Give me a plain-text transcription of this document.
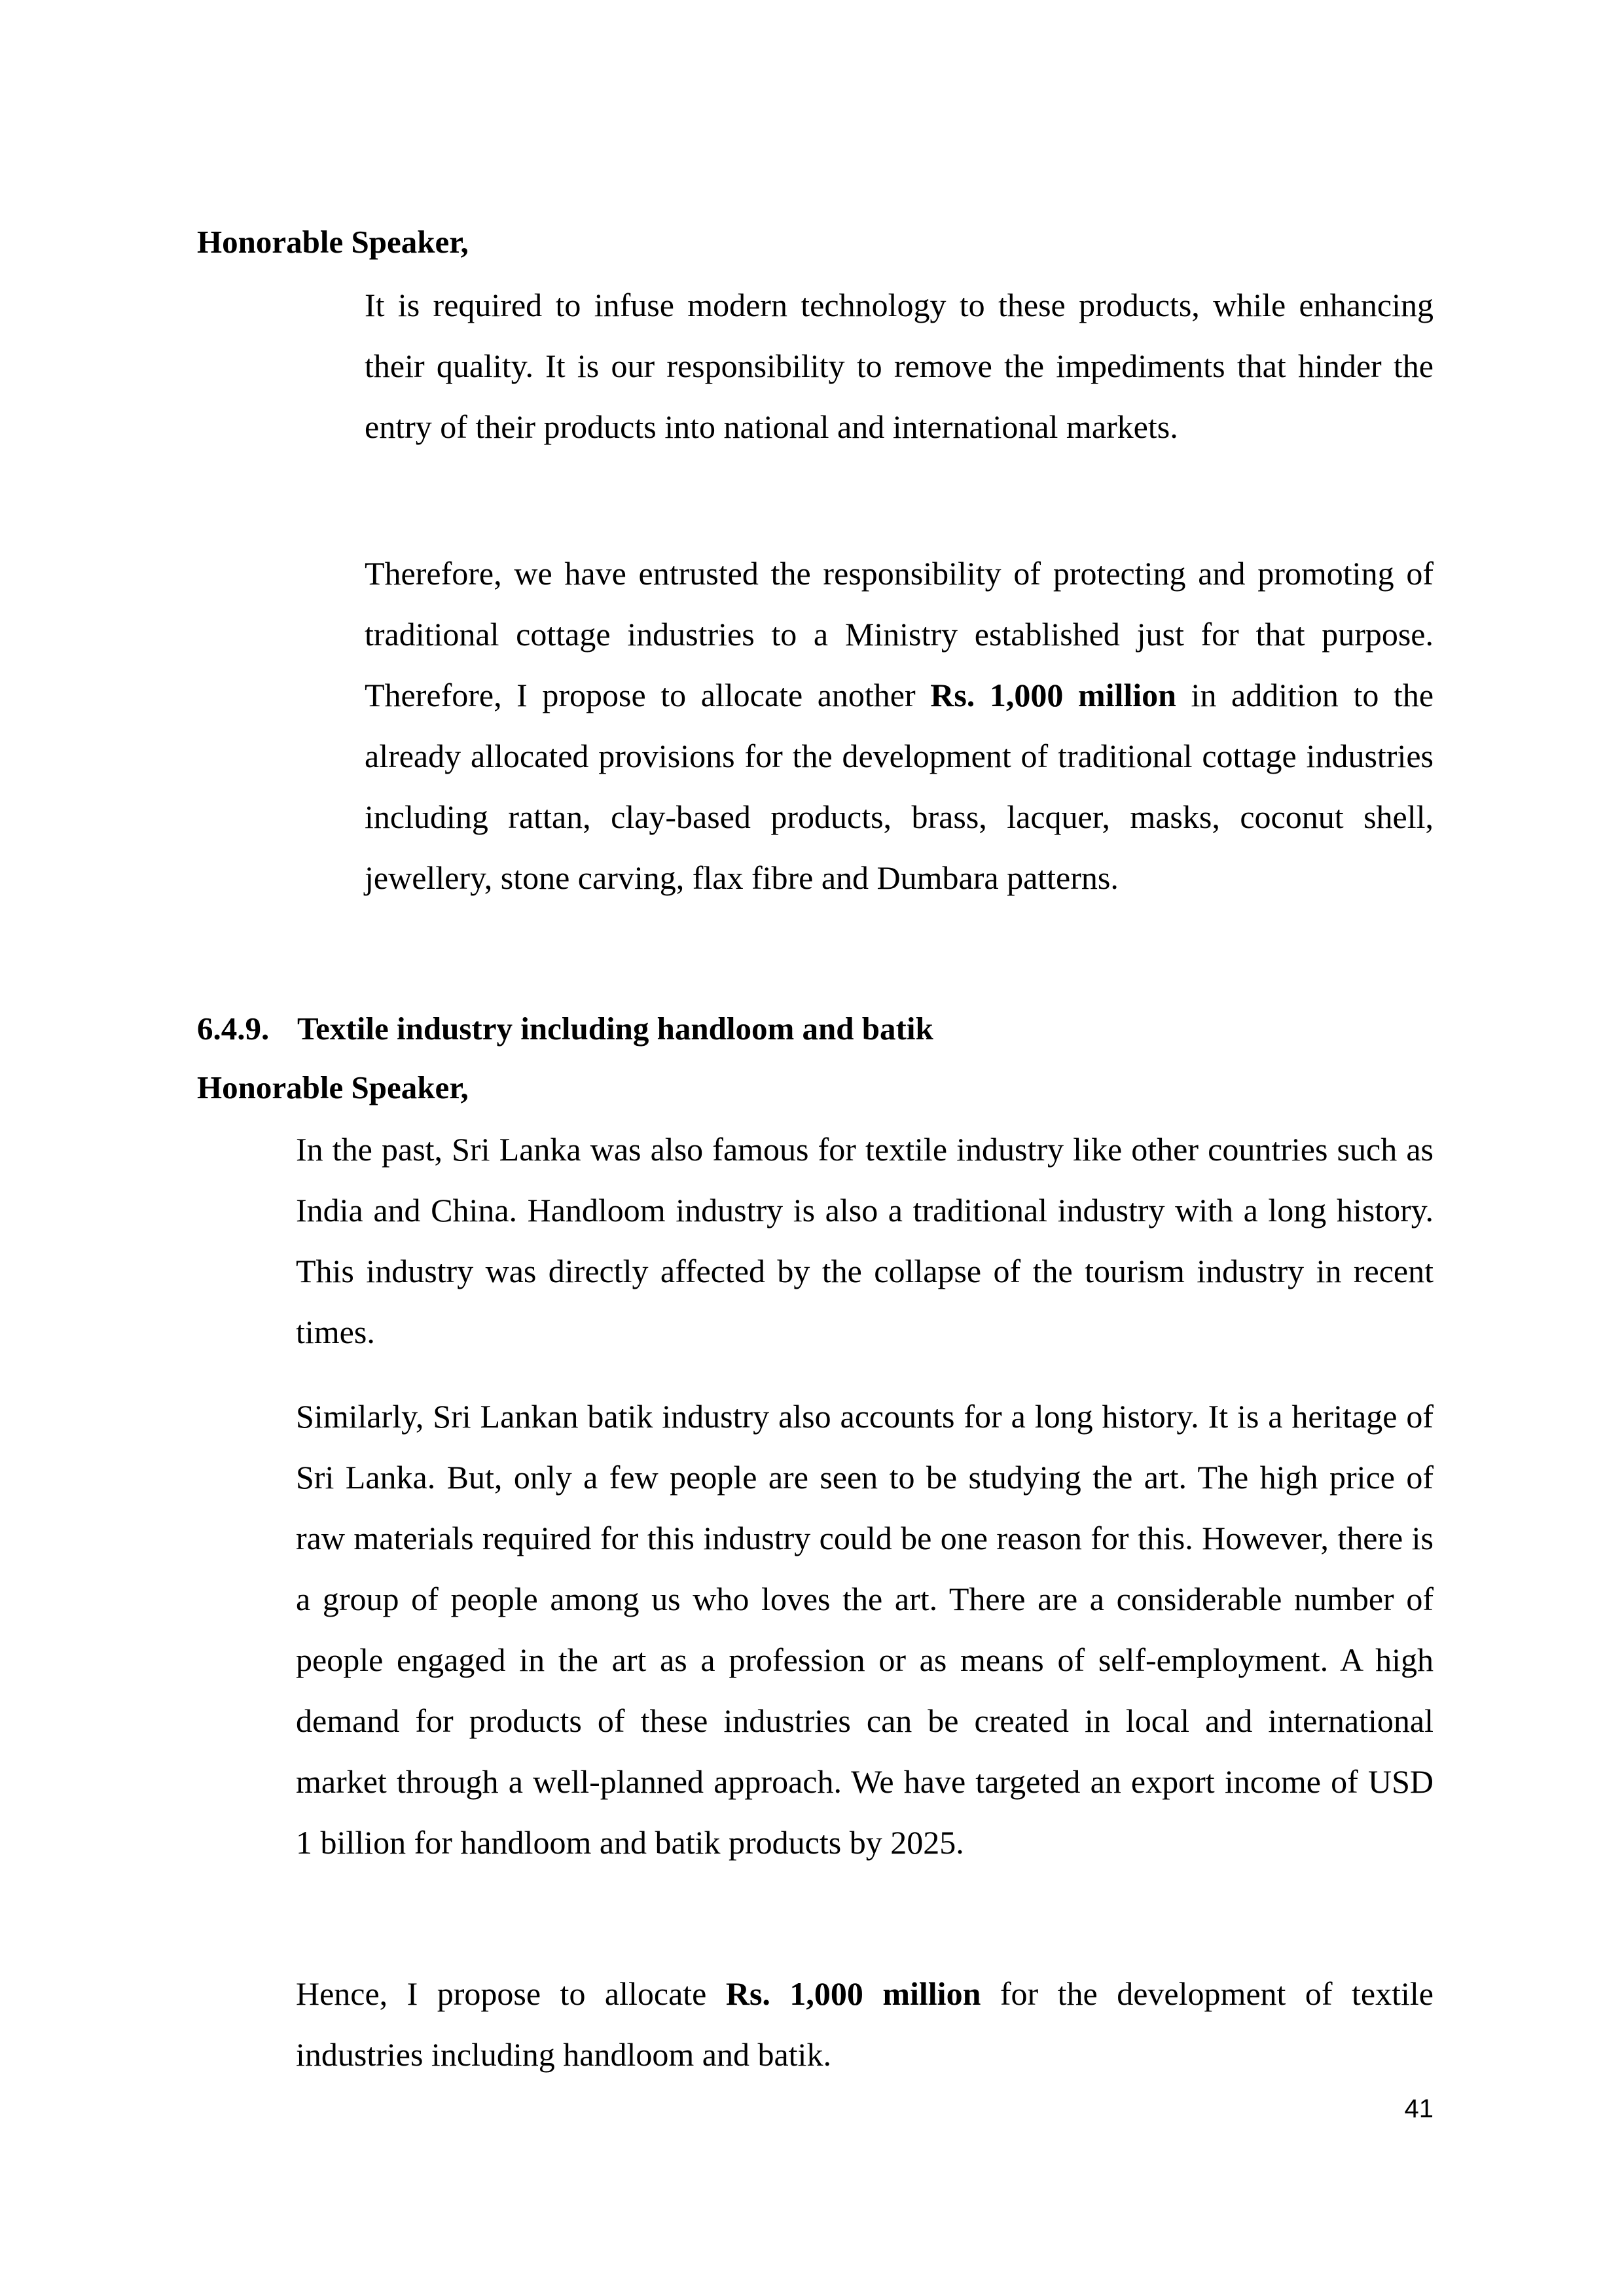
Honorable Speaker,

It is required to infuse modern technology to these products, while enhancing their quality. It is our responsibility to remove the impediments that hinder the entry of their products into national and international markets.

Therefore, we have entrusted the responsibility of protecting and promoting of traditional cottage industries to a Ministry established just for that purpose. Therefore, I propose to allocate another Rs. 1,000 million in addition to the already allocated provisions for the development of traditional cottage industries including rattan, clay-based products, brass, lacquer, masks, coconut shell, jewellery, stone carving, flax fibre and Dumbara patterns.

6.4.9. Textile industry including handloom and batik
Honorable Speaker,

In the past, Sri Lanka was also famous for textile industry like other countries such as India and China. Handloom industry is also a traditional industry with a long history. This industry was directly affected by the collapse of the tourism industry in recent times.

Similarly, Sri Lankan batik industry also accounts for a long history. It is a heritage of Sri Lanka. But, only a few people are seen to be studying the art. The high price of raw materials required for this industry could be one reason for this. However, there is a group of people among us who loves the art. There are a considerable number of people engaged in the art as a profession or as means of self-employment. A high demand for products of these industries can be created in local and international market through a well-planned approach. We have targeted an export income of USD 1 billion for handloom and batik products by 2025.

Hence, I propose to allocate Rs. 1,000 million for the development of textile industries including handloom and batik.

41
